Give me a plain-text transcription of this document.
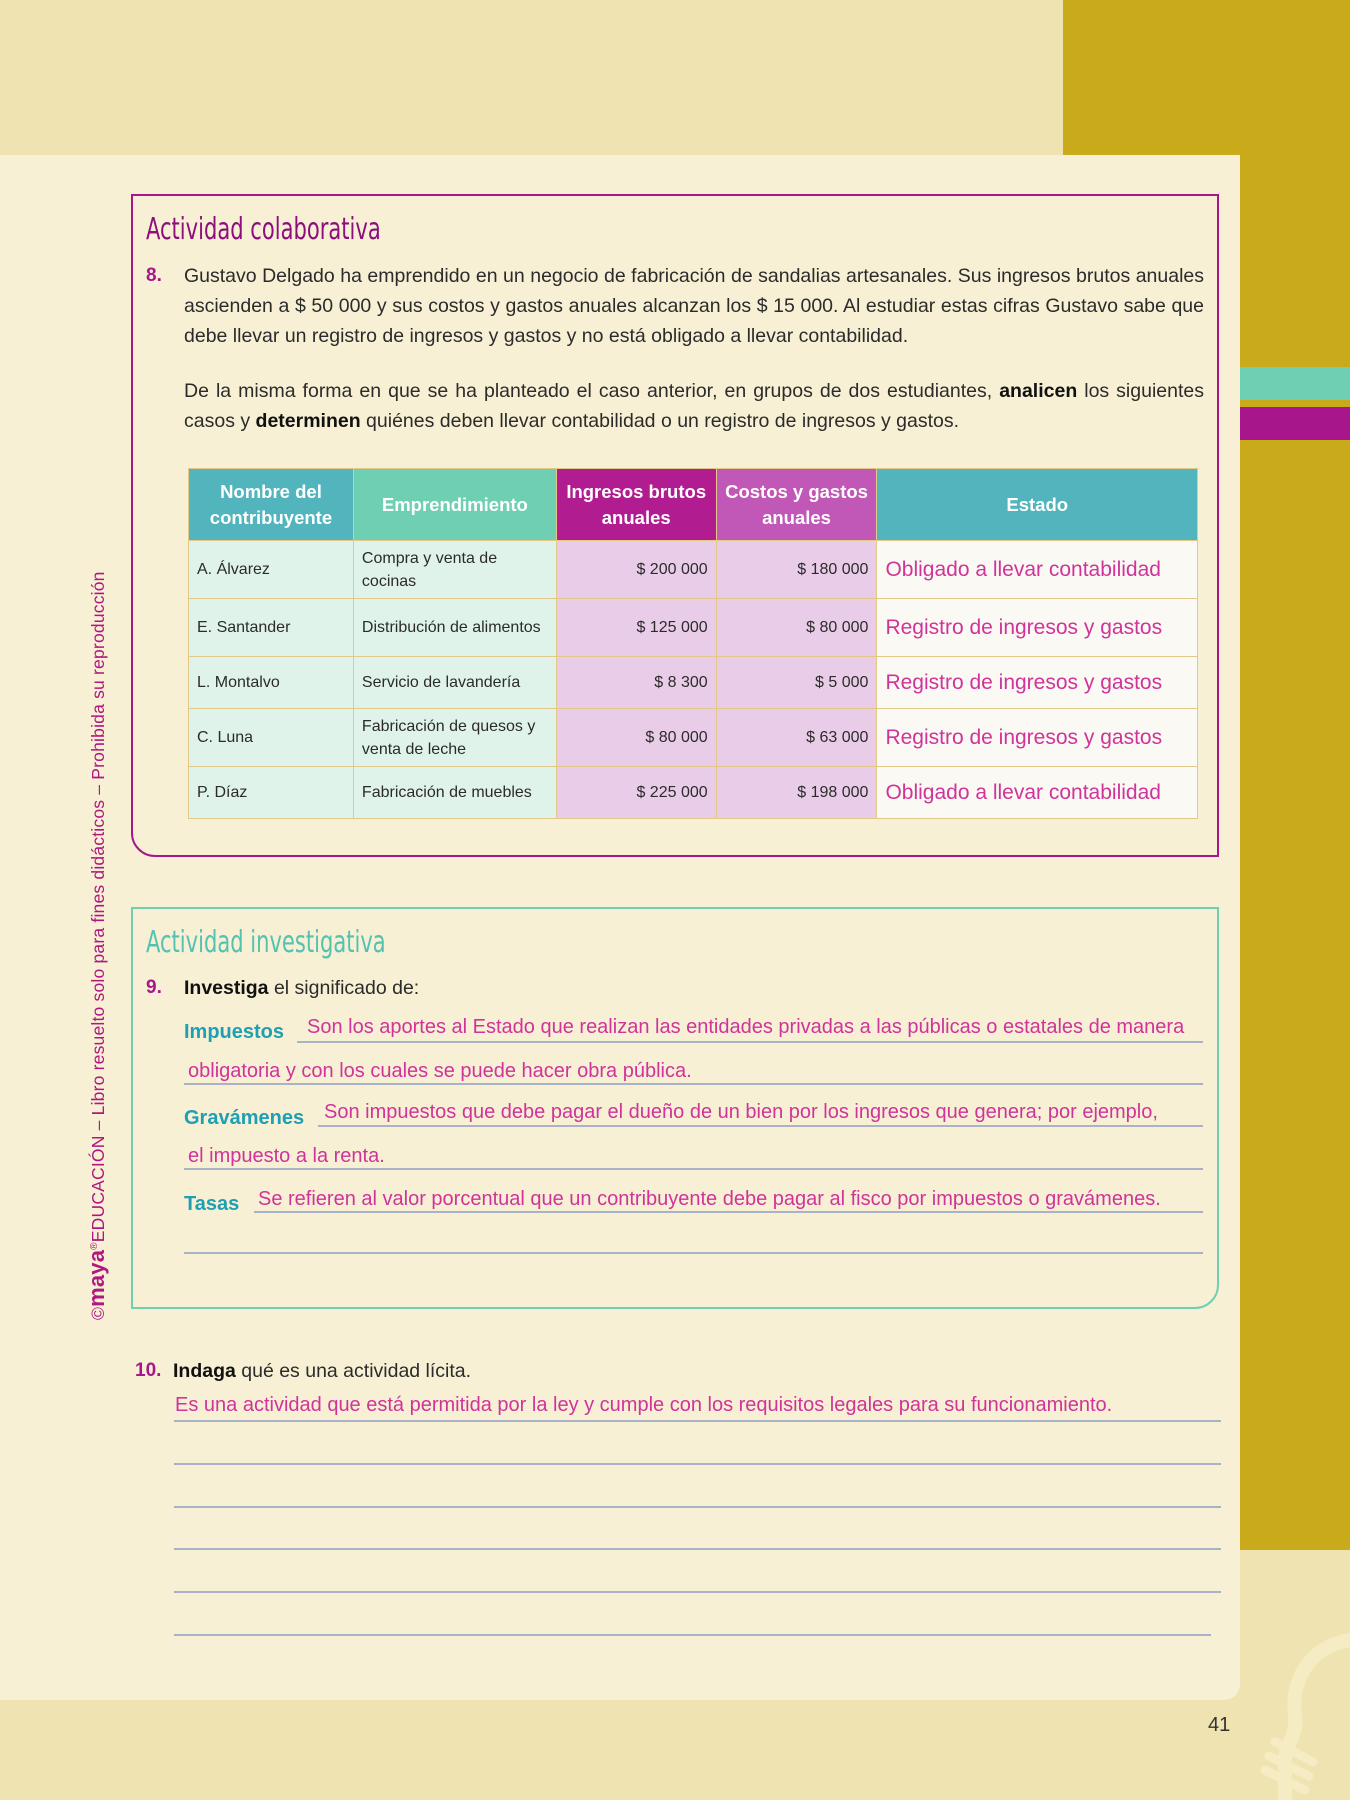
41
©maya®EDUCACIÓN – Libro resuelto solo para fines didácticos – Prohibida su reproducción
Actividad colaborativa
8. Gustavo Delgado ha emprendido en un negocio de fabricación de sandalias artesanales. Sus ingresos brutos anuales ascienden a $ 50 000 y sus costos y gastos anuales alcanzan los $ 15 000. Al estudiar estas cifras Gustavo sabe que debe llevar un registro de ingresos y gastos y no está obligado a llevar contabilidad.
De la misma forma en que se ha planteado el caso anterior, en grupos de dos estudiantes, analicen los siguientes casos y determinen quiénes deben llevar contabilidad o un registro de ingresos y gastos.
Nombre del contribuyente	Emprendimiento	Ingresos brutos anuales	Costos y gastos anuales	Estado
A. Álvarez	Compra y venta de cocinas	$ 200 000	$ 180 000	Obligado a llevar contabilidad
E. Santander	Distribución de alimentos	$ 125 000	$ 80 000	Registro de ingresos y gastos
L. Montalvo	Servicio de lavandería	$ 8 300	$ 5 000	Registro de ingresos y gastos
C. Luna	Fabricación de quesos y venta de leche	$ 80 000	$ 63 000	Registro de ingresos y gastos
P. Díaz	Fabricación de muebles	$ 225 000	$ 198 000	Obligado a llevar contabilidad
Actividad investigativa
9. Investiga el significado de:
Impuestos Son los aportes al Estado que realizan las entidades privadas a las públicas o estatales de manera
obligatoria y con los cuales se puede hacer obra pública.
Gravámenes Son impuestos que debe pagar el dueño de un bien por los ingresos que genera; por ejemplo,
el impuesto a la renta.
Tasas Se refieren al valor porcentual que un contribuyente debe pagar al fisco por impuestos o gravámenes.
10. Indaga qué es una actividad lícita.
Es una actividad que está permitida por la ley y cumple con los requisitos legales para su funcionamiento.
